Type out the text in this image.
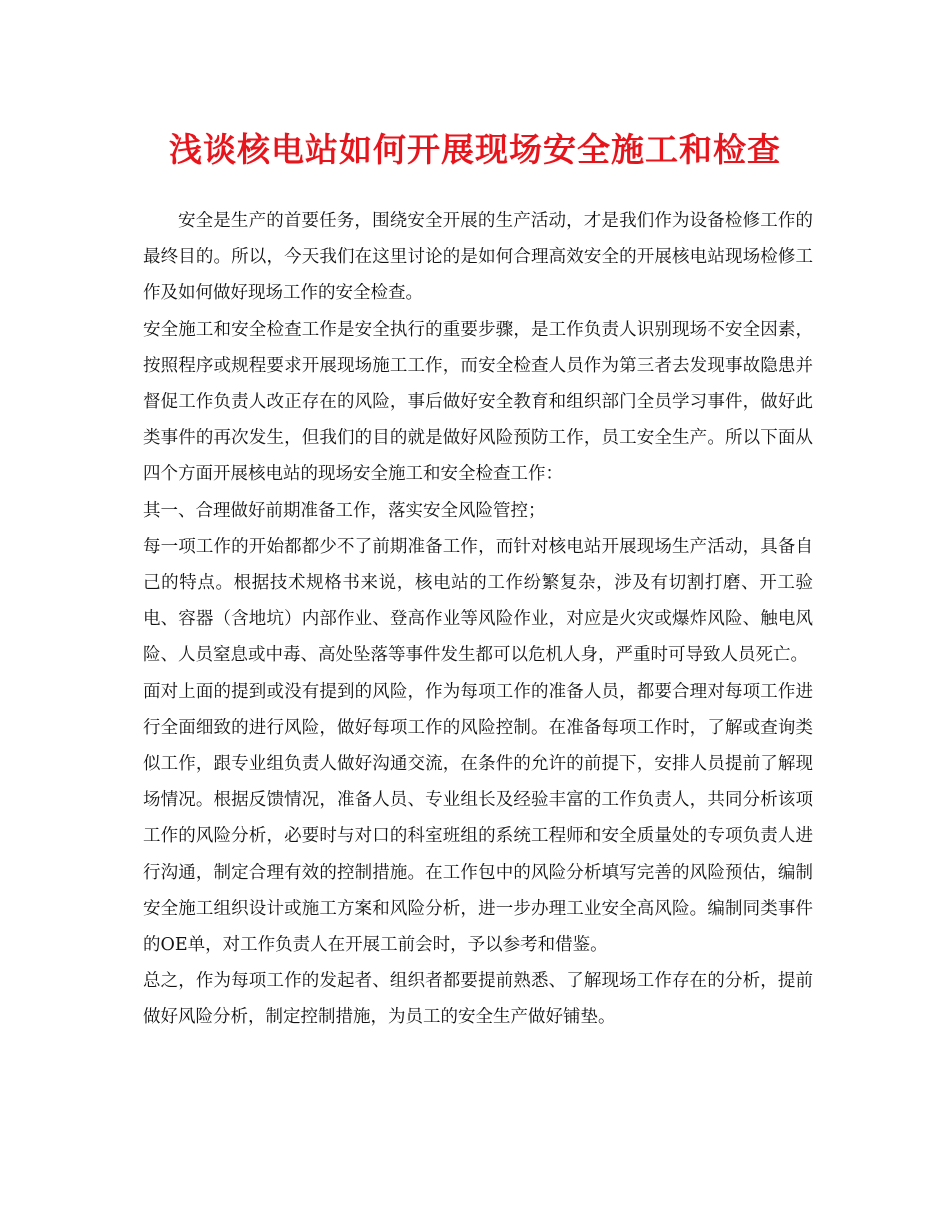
浅谈核电站如何开展现场安全施工和检查

安全是生产的首要任务，围绕安全开展的生产活动，才是我们作为设备检修工作的最终目的。所以，今天我们在这里讨论的是如何合理高效安全的开展核电站现场检修工作及如何做好现场工作的安全检查。

安全施工和安全检查工作是安全执行的重要步骤，是工作负责人识别现场不安全因素，按照程序或规程要求开展现场施工工作，而安全检查人员作为第三者去发现事故隐患并督促工作负责人改正存在的风险，事后做好安全教育和组织部门全员学习事件，做好此类事件的再次发生，但我们的目的就是做好风险预防工作，员工安全生产。所以下面从四个方面开展核电站的现场安全施工和安全检查工作：

其一、合理做好前期准备工作，落实安全风险管控；

每一项工作的开始都都少不了前期准备工作，而针对核电站开展现场生产活动，具备自己的特点。根据技术规格书来说，核电站的工作纷繁复杂，涉及有切割打磨、开工验电、容器（含地坑）内部作业、登高作业等风险作业，对应是火灾或爆炸风险、触电风险、人员窒息或中毒、高处坠落等事件发生都可以危机人身，严重时可导致人员死亡。

面对上面的提到或没有提到的风险，作为每项工作的准备人员，都要合理对每项工作进行全面细致的进行风险，做好每项工作的风险控制。在准备每项工作时，了解或查询类似工作，跟专业组负责人做好沟通交流，在条件的允许的前提下，安排人员提前了解现场情况。根据反馈情况，准备人员、专业组长及经验丰富的工作负责人，共同分析该项工作的风险分析，必要时与对口的科室班组的系统工程师和安全质量处的专项负责人进行沟通，制定合理有效的控制措施。在工作包中的风险分析填写完善的风险预估，编制安全施工组织设计或施工方案和风险分析，进一步办理工业安全高风险。编制同类事件的OE单，对工作负责人在开展工前会时，予以参考和借鉴。

总之，作为每项工作的发起者、组织者都要提前熟悉、了解现场工作存在的分析，提前做好风险分析，制定控制措施，为员工的安全生产做好铺垫。
